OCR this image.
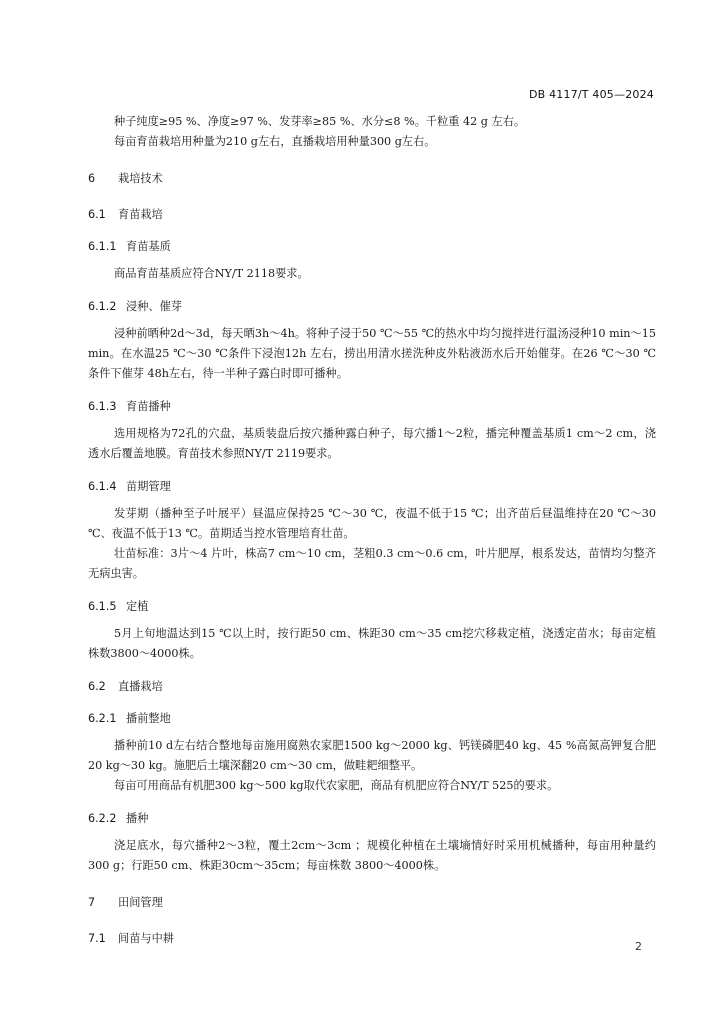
DB 4117/T 405—2024

种子纯度≥95 %、净度≥97 %、发芽率≥85 %、水分≤8 %。千粒重 42 g 左右。

每亩育苗栽培用种量为210 g左右，直播栽培用种量300 g左右。

6 栽培技术
6.1 育苗栽培
6.1.1 育苗基质

商品育苗基质应符合NY/T 2118要求。

6.1.2 浸种、催芽

浸种前晒种2d～3d，每天晒3h～4h。将种子浸于50 ℃～55 ℃的热水中均匀搅拌进行温汤浸种10 min～15 min。在水温25 ℃～30 ℃条件下浸泡12h 左右，捞出用清水搓洗种皮外粘液沥水后开始催芽。在26 ℃～30 ℃条件下催芽 48h左右，待一半种子露白时即可播种。

6.1.3 育苗播种

选用规格为72孔的穴盘，基质装盘后按穴播种露白种子，每穴播1～2粒，播完种覆盖基质1 cm～2 cm，浇透水后覆盖地膜。育苗技术参照NY/T 2119要求。

6.1.4 苗期管理

发芽期（播种至子叶展平）昼温应保持25 ℃～30 ℃，夜温不低于15 ℃；出齐苗后昼温维持在20 ℃～30 ℃、夜温不低于13 ℃。苗期适当控水管理培育壮苗。

壮苗标准：3片～4 片叶，株高7 cm～10 cm，茎粗0.3 cm～0.6 cm，叶片肥厚，根系发达，苗情均匀整齐无病虫害。

6.1.5 定植

5月上旬地温达到15 ℃以上时，按行距50 cm、株距30 cm～35 cm挖穴移栽定植，浇透定苗水；每亩定植株数3800～4000株。

6.2 直播栽培
6.2.1 播前整地

播种前10 d左右结合整地每亩施用腐熟农家肥1500 kg～2000 kg、钙镁磷肥40 kg、45 %高氮高钾复合肥20 kg～30 kg。施肥后土壤深翻20 cm～30 cm，做畦耙细整平。

每亩可用商品有机肥300 kg～500 kg取代农家肥，商品有机肥应符合NY/T 525的要求。

6.2.2 播种

浇足底水，每穴播种2～3粒，覆土2cm～3cm ；规模化种植在土壤墒情好时采用机械播种，每亩用种量约300 g；行距50 cm、株距30cm～35cm；每亩株数 3800～4000株。

7 田间管理
7.1 间苗与中耕
2
